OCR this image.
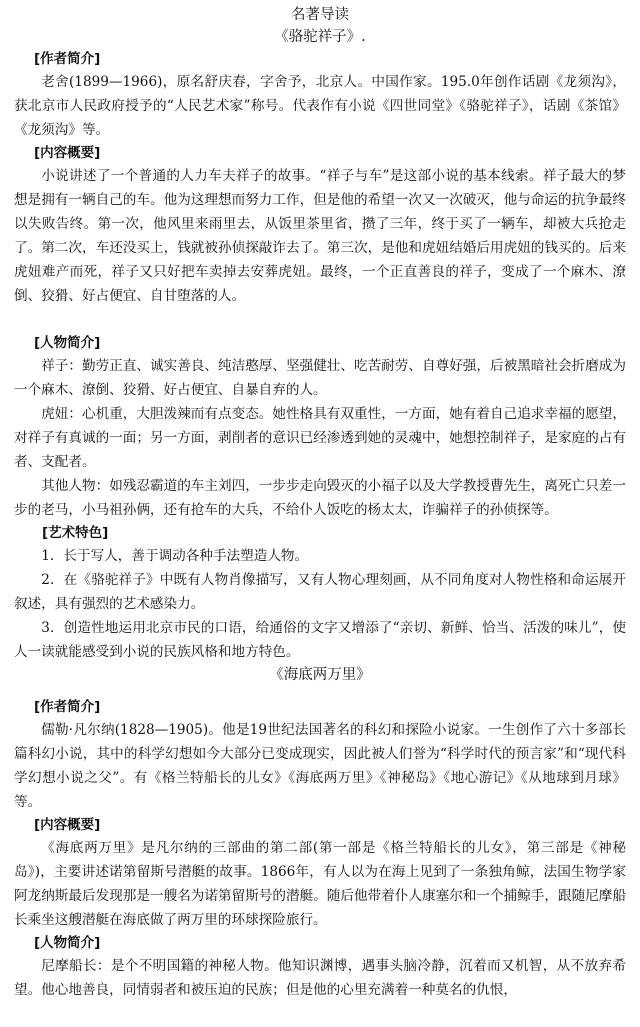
名著导读
《骆驼祥子》.
[作者简介]

老舍(1899—1966)，原名舒庆春，字舍予，北京人。中国作家。195.0年创作话剧《龙须沟》，获北京市人民政府授予的“人民艺术家”称号。代表作有小说《四世同堂》《骆驼祥子》，话剧《茶馆》《龙须沟》等。

[内容概要]

小说讲述了一个普通的人力车夫祥子的故事。“祥子与车”是这部小说的基本线索。祥子最大的梦想是拥有一辆自己的车。他为这理想而努力工作，但是他的希望一次又一次破灭，他与命运的抗争最终以失败告终。第一次，他风里来雨里去，从饭里茶里省，攒了三年，终于买了一辆车，却被大兵抢走了。第二次，车还没买上，钱就被孙侦探敲诈去了。第三次，是他和虎妞结婚后用虎妞的钱买的。后来虎妞难产而死，祥子又只好把车卖掉去安葬虎妞。最终，一个正直善良的祥子，变成了一个麻木、潦倒、狡猾、好占便宜、自甘堕落的人。

[人物简介]

祥子：勤劳正直、诚实善良、纯洁憨厚、坚强健壮、吃苦耐劳、自尊好强，后被黑暗社会折磨成为一个麻木、潦倒、狡猾、好占便宜、自暴自弃的人。

虎妞：心机重，大胆泼辣而有点变态。她性格具有双重性，一方面，她有着自己追求幸福的愿望，对祥子有真诚的一面；另一方面，剥削者的意识已经渗透到她的灵魂中，她想控制祥子，是家庭的占有者、支配者。

其他人物：如残忍霸道的车主刘四，一步步走向毁灭的小福子以及大学教授曹先生，离死亡只差一步的老马，小马祖孙俩，还有抢车的大兵，不给仆人饭吃的杨太太，诈骗祥子的孙侦探等。

[艺术特色]

1．长于写人，善于调动各种手法塑造人物。

2．在《骆驼祥子》中既有人物肖像描写，又有人物心理刻画，从不同角度对人物性格和命运展开叙述，具有强烈的艺术感染力。

3．创造性地运用北京市民的口语，给通俗的文字又增添了“亲切、新鲜、恰当、活泼的味儿”，使人一读就能感受到小说的民族风格和地方特色。

《海底两万里》
[作者简介]

儒勒·凡尔纳(1828—1905)。他是19世纪法国著名的科幻和探险小说家。一生创作了六十多部长篇科幻小说，其中的科学幻想如今大部分已变成现实，因此被人们誉为“科学时代的预言家”和“现代科学幻想小说之父”。有《格兰特船长的儿女》《海底两万里》《神秘岛》《地心游记》《从地球到月球》等。

[内容概要]

《海底两万里》是凡尔纳的三部曲的第二部(第一部是《格兰特船长的儿女》，第三部是《神秘岛》)，主要讲述诺第留斯号潜艇的故事。1866年，有人以为在海上见到了一条独角鲸，法国生物学家阿龙纳斯最后发现那是一艘名为诺第留斯号的潜艇。随后他带着仆人康塞尔和一个捕鲸手，跟随尼摩船长乘坐这艘潜艇在海底做了两万里的环球探险旅行。

[人物简介]

尼摩船长：是个不明国籍的神秘人物。他知识渊博，遇事头脑冷静，沉着而又机智，从不放弃希望。他心地善良，同情弱者和被压迫的民族；但是他的心里充满着一种莫名的仇恨，
